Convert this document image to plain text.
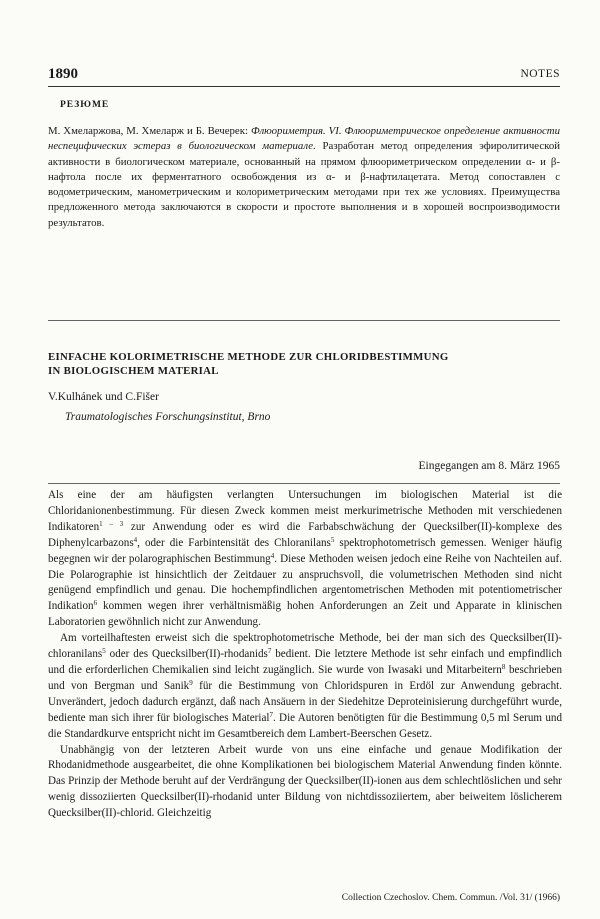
1890	NOTES
РЕЗЮМЕ

М. Хмеларжова, М. Хмеларж и Б. Вечерек: Флюориметрия. VI. Флюориметрическое определение активности неспецифических эстераз в биологическом материале. Разработан метод определения эфиролитической активности в биологическом материале, основанный на прямом флюориметрическом определении α- и β-нафтола после их ферментатного освобождения из α- и β-нафтилацетата. Метод сопоставлен с водометрическим, манометрическим и колориметрическим методами при тех же условиях. Преимущества предложенного метода заключаются в скорости и простоте выполнения и в хорошей воспроизводимости результатов.

EINFACHE KOLORIMETRISCHE METHODE ZUR CHLORIDBESTIMMUNG
IN BIOLOGISCHEM MATERIAL
V.Kulhánek und C.Fišer
Traumatologisches Forschungsinstitut, Brno
Eingegangen am 8. März 1965

Als eine der am häufigsten verlangten Untersuchungen im biologischen Material ist die Chloridanionenbestimmung. Für diesen Zweck kommen meist merkurimetrische Methoden mit verschiedenen Indikatoren$^{1 - 3}$ zur Anwendung oder es wird die Farbabschwächung der Quecksilber(II)-komplexe des Diphenylcarbazons$^4$, oder die Farbintensität des Chloranilans$^5$ spektrophotometrisch gemessen. Weniger häufig begegnen wir der polarographischen Bestimmung$^4$. Diese Methoden weisen jedoch eine Reihe von Nachteilen auf. Die Polarographie ist hinsichtlich der Zeitdauer zu anspruchsvoll, die volumetrischen Methoden sind nicht genügend empfindlich und genau. Die hochempfindlichen argentometrischen Methoden mit potentiometrischer Indikation$^6$ kommen wegen ihrer verhältnismäßig hohen Anforderungen an Zeit und Apparate in klinischen Laboratorien gewöhnlich nicht zur Anwendung.

Am vorteilhaftesten erweist sich die spektrophotometrische Methode, bei der man sich des Quecksilber(II)-chloranilans$^5$ oder des Quecksilber(II)-rhodanids$^7$ bedient. Die letztere Methode ist sehr einfach und empfindlich und die erforderlichen Chemikalien sind leicht zugänglich. Sie wurde von Iwasaki und Mitarbeitern$^8$ beschrieben und von Bergman und Sanik$^9$ für die Bestimmung von Chloridspuren in Erdöl zur Anwendung gebracht. Unverändert, jedoch dadurch ergänzt, daß nach Ansäuern in der Siedehitze Deproteinisierung durchgeführt wurde, bediente man sich ihrer für biologisches Material$^7$. Die Autoren benötigten für die Bestimmung 0,5 ml Serum und die Standardkurve entspricht nicht im Gesamtbereich dem Lambert-Beerschen Gesetz.

Unabhängig von der letzteren Arbeit wurde von uns eine einfache und genaue Modifikation der Rhodanidmethode ausgearbeitet, die ohne Komplikationen bei biologischem Material Anwendung finden könnte. Das Prinzip der Methode beruht auf der Verdrängung der Quecksilber(II)-ionen aus dem schlechtlöslichen und sehr wenig dissoziierten Quecksilber(II)-rhodanid unter Bildung von nichtdissoziiertem, aber beiweitem löslicherem Quecksilber(II)-chlorid. Gleichzeitig

Collection Czechoslov. Chem. Commun. /Vol. 31/ (1966)
